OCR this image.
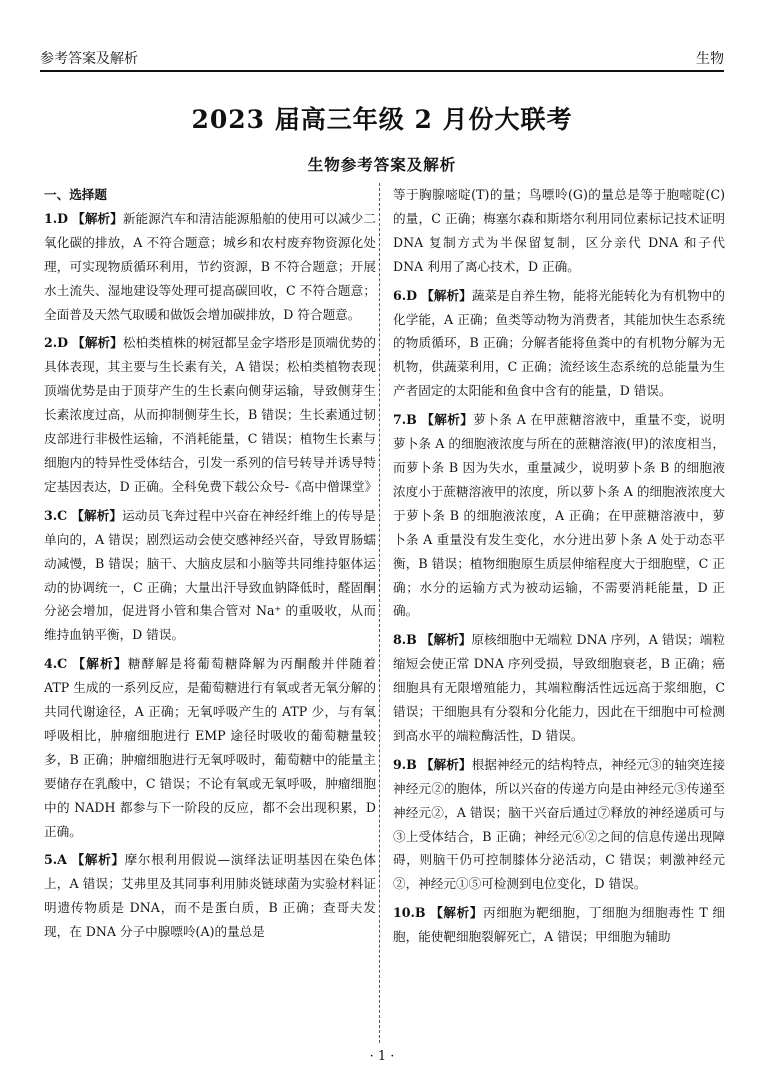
参考答案及解析	生物
2023 届高三年级 2 月份大联考
生物参考答案及解析
一、选择题

1.D 【解析】新能源汽车和清洁能源船舶的使用可以减少二氧化碳的排放，A 不符合题意；城乡和农村废弃物资源化处理，可实现物质循环利用，节约资源，B 不符合题意；开展水土流失、湿地建设等处理可提高碳回收，C 不符合题意；全面普及天然气取暖和做饭会增加碳排放，D 符合题意。

2.D 【解析】松柏类植株的树冠都呈金字塔形是顶端优势的具体表现，其主要与生长素有关，A 错误；松柏类植物表现顶端优势是由于顶芽产生的生长素向侧芽运输，导致侧芽生长素浓度过高，从而抑制侧芽生长，B 错误；生长素通过韧皮部进行非极性运输，不消耗能量，C 错误；植物生长素与细胞内的特异性受体结合，引发一系列的信号转导并诱导特定基因表达，D 正确。全科免费下载公众号-《高中僧课堂》

3.C 【解析】运动员飞奔过程中兴奋在神经纤维上的传导是单向的，A 错误；剧烈运动会使交感神经兴奋，导致胃肠蠕动减慢，B 错误；脑干、大脑皮层和小脑等共同维持躯体运动的协调统一，C 正确；大量出汗导致血钠降低时，醛固酮分泌会增加，促进肾小管和集合管对 Na⁺ 的重吸收，从而维持血钠平衡，D 错误。

4.C 【解析】糖酵解是将葡萄糖降解为丙酮酸并伴随着 ATP 生成的一系列反应，是葡萄糖进行有氧或者无氧分解的共同代谢途径，A 正确；无氧呼吸产生的 ATP 少，与有氧呼吸相比，肿瘤细胞进行 EMP 途径时吸收的葡萄糖量较多，B 正确；肿瘤细胞进行无氧呼吸时，葡萄糖中的能量主要储存在乳酸中，C 错误；不论有氧或无氧呼吸，肿瘤细胞中的 NADH 都参与下一阶段的反应，都不会出现积累，D 正确。

5.A 【解析】摩尔根利用假说—演绎法证明基因在染色体上，A 错误；艾弗里及其同事利用肺炎链球菌为实验材料证明遗传物质是 DNA，而不是蛋白质，B 正确；查哥夫发现，在 DNA 分子中腺嘌呤(A)的量总是

等于胸腺嘧啶(T)的量；鸟嘌呤(G)的量总是等于胞嘧啶(C)的量，C 正确；梅塞尔森和斯塔尔利用同位素标记技术证明 DNA 复制方式为半保留复制，区分亲代 DNA 和子代 DNA 利用了离心技术，D 正确。

6.D 【解析】蔬菜是自养生物，能将光能转化为有机物中的化学能，A 正确；鱼类等动物为消费者，其能加快生态系统的物质循环，B 正确；分解者能将鱼粪中的有机物分解为无机物，供蔬菜利用，C 正确；流经该生态系统的总能量为生产者固定的太阳能和鱼食中含有的能量，D 错误。

7.B 【解析】萝卜条 A 在甲蔗糖溶液中，重量不变，说明萝卜条 A 的细胞液浓度与所在的蔗糖溶液(甲)的浓度相当，而萝卜条 B 因为失水，重量减少，说明萝卜条 B 的细胞液浓度小于蔗糖溶液甲的浓度，所以萝卜条 A 的细胞液浓度大于萝卜条 B 的细胞液浓度，A 正确；在甲蔗糖溶液中，萝卜条 A 重量没有发生变化，水分进出萝卜条 A 处于动态平衡，B 错误；植物细胞原生质层伸缩程度大于细胞壁，C 正确；水分的运输方式为被动运输，不需要消耗能量，D 正确。

8.B 【解析】原核细胞中无端粒 DNA 序列，A 错误；端粒缩短会使正常 DNA 序列受损，导致细胞衰老，B 正确；癌细胞具有无限增殖能力，其端粒酶活性远远高于浆细胞，C 错误；干细胞具有分裂和分化能力，因此在干细胞中可检测到高水平的端粒酶活性，D 错误。

9.B 【解析】根据神经元的结构特点，神经元③的轴突连接神经元②的胞体，所以兴奋的传递方向是由神经元③传递至神经元②，A 错误；脑干兴奋后通过⑦释放的神经递质可与③上受体结合，B 正确；神经元⑥②之间的信息传递出现障碍，则脑干仍可控制膝体分泌活动，C 错误；刺激神经元②，神经元①⑤可检测到电位变化，D 错误。

10.B 【解析】丙细胞为靶细胞，丁细胞为细胞毒性 T 细胞，能使靶细胞裂解死亡，A 错误；甲细胞为辅助

· 1 ·
